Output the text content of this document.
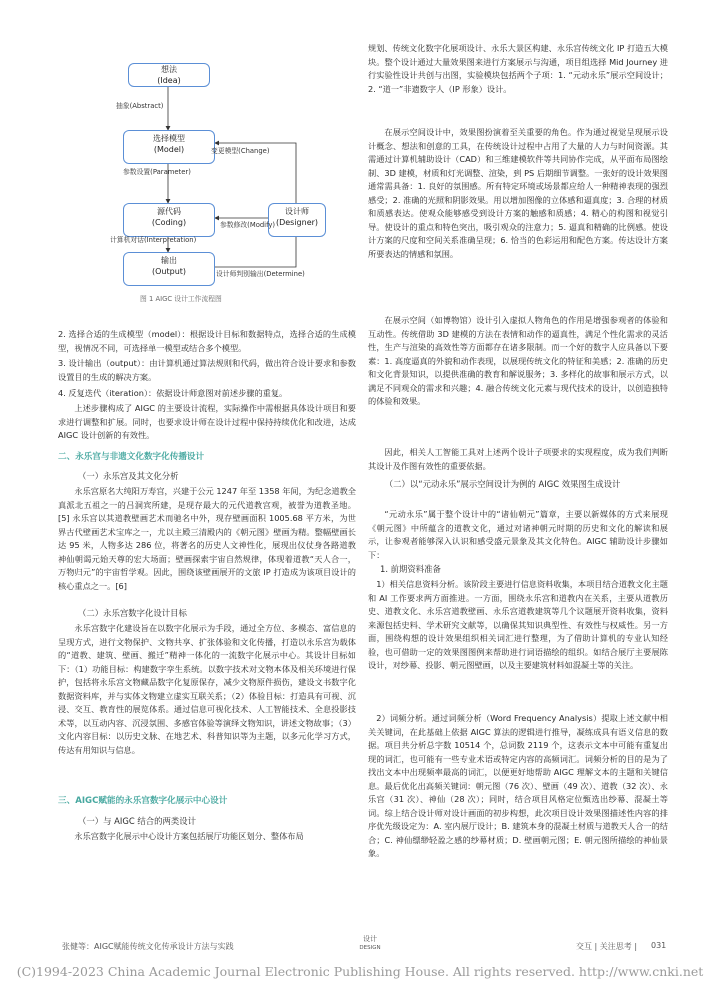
想法
(Idea)
选择模型
(Model)
源代码
(Coding)
输出
(Output)
设计师
(Designer)
抽象(Abstract)
参数设置(Parameter)
计算机对话(Interpretation)
变更模型(Change)
参数修改(Modify)
设计师判别输出(Determine)
图 1 AIGC 设计工作流程图

2. 选择合适的生成模型（model）：根据设计目标和数据特点，选择合适的生成模型，视情况不同，可选择单一模型或结合多个模型。

3. 设计输出（output）：由计算机通过算法规则和代码，做出符合设计要求和参数设置目的生成的解决方案。

4. 反复迭代（iteration）：依据设计师意图对前述步骤的重复。

上述步骤构成了 AIGC 的主要设计流程，实际操作中需根据具体设计项目和要求进行调整和扩展。同时，也要求设计师在设计过程中保持持续优化和改进，达成 AIGC 设计创新的有效性。

二、永乐宫与非遗文化数字化传播设计

（一）永乐宫及其文化分析

永乐宫原名大纯阳万寿宫，兴建于公元 1247 年至 1358 年间，为纪念道教全真派北五祖之一的吕洞宾所建，是现存最大的元代道教宫观，被誉为道教圣地。[5] 永乐宫以其道教壁画艺术而驰名中外，现存壁画面积 1005.68 平方米，为世界古代壁画艺术宝库之一，尤以主殿三清殿内的《朝元图》壁画为精。整幅壁画长达 95 米，人物多达 286 位，将著名的历史人文神性化，展现出仪仗身各路道教神仙朝谒元始天尊的宏大场面；壁画探索宇宙自然规律，体现着道教“天人合一，万物归元”的宇宙哲学观。因此，围绕该壁画展开的文旅 IP 打造成为该项目设计的核心重点之一。[6]

（二）永乐宫数字化设计目标

永乐宫数字化建设旨在以数字化展示为手段，通过全方位、多模态、富信息的呈现方式，进行文物保护、文物共享、扩张体验和文化传播，打造以永乐宫为载体的“道教、建筑、壁画、搬迁”精神一体化的一流数字化展示中心。其设计目标如下：（1）功能目标：构建数字孪生系统。以数字技术对文物本体及相关环境进行保护，包括将永乐宫文物藏品数字化复原保存，减少文物原件损伤，建设文书数字化数据资料库，并与实体文物建立虚实互联关系；（2）体验目标：打造具有可视、沉浸、交互、教育性的展览体系。通过信息可视化技术、人工智能技术、全息投影技术等，以互动内容、沉浸氛围、多感官体验等演绎文物知识，讲述文物故事；（3）文化内容目标：以历史文脉、在地艺术、科普知识等为主题，以多元化学习方式，传达有用知识与信息。

三、AIGC赋能的永乐宫数字化展示中心设计

（一）与 AIGC 结合的两类设计

永乐宫数字化展示中心设计方案包括展厅功能区划分、整体布局

规划、传统文化数字化展项设计、永乐大景区构建、永乐宫传统文化 IP 打造五大模块。整个设计通过大量效果图来进行方案展示与沟通，项目组选择 Mid Journey 进行实验性设计共创与出图，实验模块包括两个子项：1. “元动永乐”展示空间设计；2. “道一”非遗数字人（IP 形象）设计。

在展示空间设计中，效果图扮演着至关重要的角色。作为通过视觉呈现展示设计概念、想法和创意的工具，在传统设计过程中占用了大量的人力与时间资源。其需通过计算机辅助设计（CAD）和三维建模软件等共同协作完成，从平面布局图绘制、3D 建模，材质和灯光调整、渲染，到 PS 后期细节调整。一张好的设计效果图通常需具备：1. 良好的氛围感。所有特定环境或场景都应给人一种精神表现的强烈感受；2. 准确的光照和阴影效果。用以增加图像的立体感和逼真度；3. 合理的材质和质感表达。使观众能够感受到设计方案的触感和质感；4. 精心的构图和视觉引导。使设计的重点和特色突出，吸引观众的注意力；5. 逼真和精确的比例感。使设计方案的尺度和空间关系准确呈现；6. 恰当的色彩运用和配色方案。传达设计方案所要表达的情感和氛围。

在展示空间（如博物馆）设计引入虚拟人物角色的作用是增强参观者的体验和互动性。传统借助 3D 建模的方法在表情和动作的逼真性，满足个性化需求的灵活性，生产与渲染的高效性等方面都存在诸多限制。而一个好的数字人应具备以下要素：1. 高度逼真的外貌和动作表现，以展现传统文化的特征和美感；2. 准确的历史和文化背景知识，以提供准确的教育和解说服务；3. 多样化的故事和展示方式，以满足不同观众的需求和兴趣；4. 融合传统文化元素与现代技术的设计，以创造独特的体验和效果。

因此，相关人工智能工具对上述两个设计子项要求的实现程度，成为我们判断其设计及作图有效性的重要依据。

（二）以“元动永乐”展示空间设计为例的 AIGC 效果图生成设计

“元动永乐”属于整个设计中的“诸仙朝元”篇章，主要以新媒体的方式来展现《朝元图》中所蕴含的道教文化，通过对诸神朝元时期的历史和文化的解读和展示，让参观者能够深入认识和感受盛元景象及其文化特色。AIGC 辅助设计步骤如下：

1. 前期资料准备

1）相关信息资料分析。该阶段主要进行信息资料收集，本项目结合道教文化主题和 AI 工作要求两方面推进。一方面，围绕永乐宫和道教内在关系，主要从道教历史、道教文化、永乐宫道教壁画、永乐宫道教建筑等几个议题展开资料收集，资料来源包括史料、学术研究文献等，以确保其知识典型性、有效性与权威性。另一方面，围绕构想的设计效果组织相关词汇进行整理，为了借助计算机的专业认知经验，也可借助一定的效果图图例来帮助进行词语描绘的组织。如结合展厅主要展陈设计，对纱幕、投影、朝元图壁画，以及主要建筑材料如混凝土等的关注。

2）词频分析。通过词频分析（Word Frequency Analysis）提取上述文献中相关关键词，在此基础上依据 AIGC 算法的逻辑进行推导，凝练成具有语义信息的数据。项目共分析总字数 10514 个，总词数 2119 个，这表示文本中可能有重复出现的词汇，也可能有一些专业术语或特定内容的高频词汇。词频分析的目的是为了找出文本中出现频率最高的词汇，以便更好地帮助 AIGC 理解文本的主题和关键信息。最后优化出高频关键词：朝元图（76 次）、壁画（49 次）、道教（32 次）、永乐宫（31 次）、神仙（28 次）；同时，结合项目风格定位甄选出纱幕、混凝土等词。综上结合设计师对设计画面的初步构想，此次项目设计效果图描述性内容的排序优先级设定为：A. 室内展厅设计；B. 建筑本身的混凝土材质与道教天人合一的结合；C. 神仙缥缈轻盈之感的纱幕材质；D. 壁画朝元图；E. 朝元图所描绘的神仙景象。

张健等：AIGC赋能传统文化传承设计方法与实践
设计
DESIGN	交互 | 关注思考 | 031
(C)1994-2023 China Academic Journal Electronic Publishing House. All rights reserved. http://www.cnki.net
